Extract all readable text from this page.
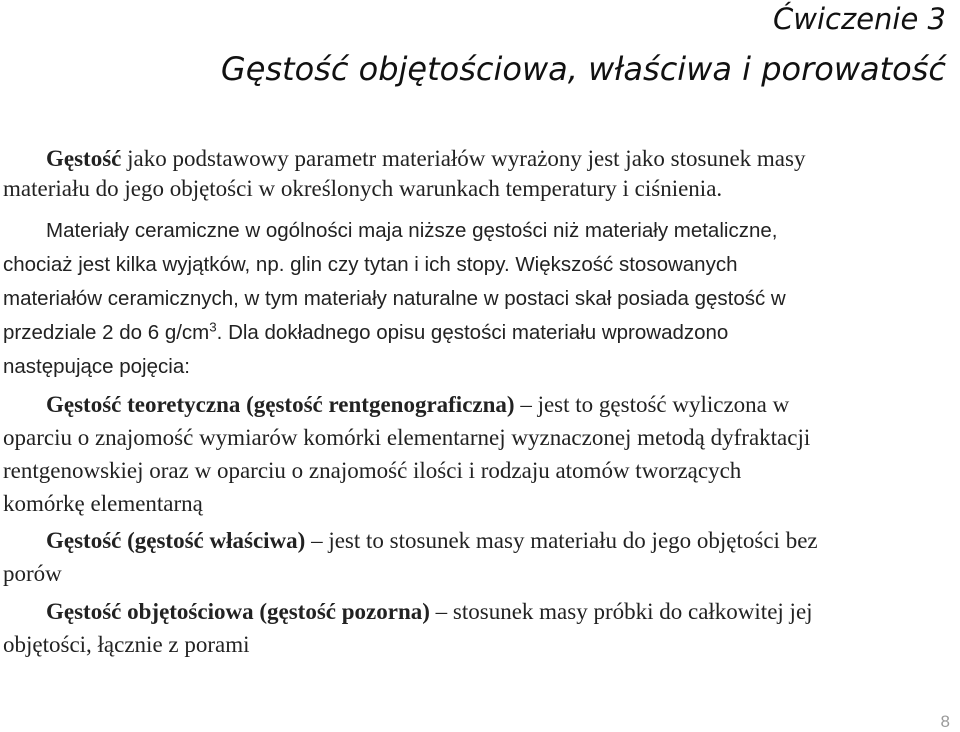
Ćwiczenie 3
Gęstość objętościowa, właściwa i porowatość

Gęstość jako podstawowy parametr materiałów wyrażony jest jako stosunek masy

materiału do jego objętości w określonych warunkach temperatury i ciśnienia.

Materiały ceramiczne w ogólności maja niższe gęstości niż materiały metaliczne,

chociaż jest kilka wyjątków, np. glin czy tytan i ich stopy. Większość stosowanych

materiałów ceramicznych, w tym materiały naturalne w postaci skał posiada gęstość w

przedziale 2 do 6 $g/cm^3$. Dla dokładnego opisu gęstości materiału wprowadzono

następujące pojęcia:

Gęstość teoretyczna (gęstość rentgenograficzna) – jest to gęstość wyliczona w

oparciu o znajomość wymiarów komórki elementarnej wyznaczonej metodą dyfraktacji

rentgenowskiej oraz w oparciu o znajomość ilości i rodzaju atomów tworzących

komórkę elementarną

Gęstość (gęstość właściwa) – jest to stosunek masy materiału do jego objętości bez

porów

Gęstość objętościowa (gęstość pozorna) – stosunek masy próbki do całkowitej jej

objętości, łącznie z porami

8
